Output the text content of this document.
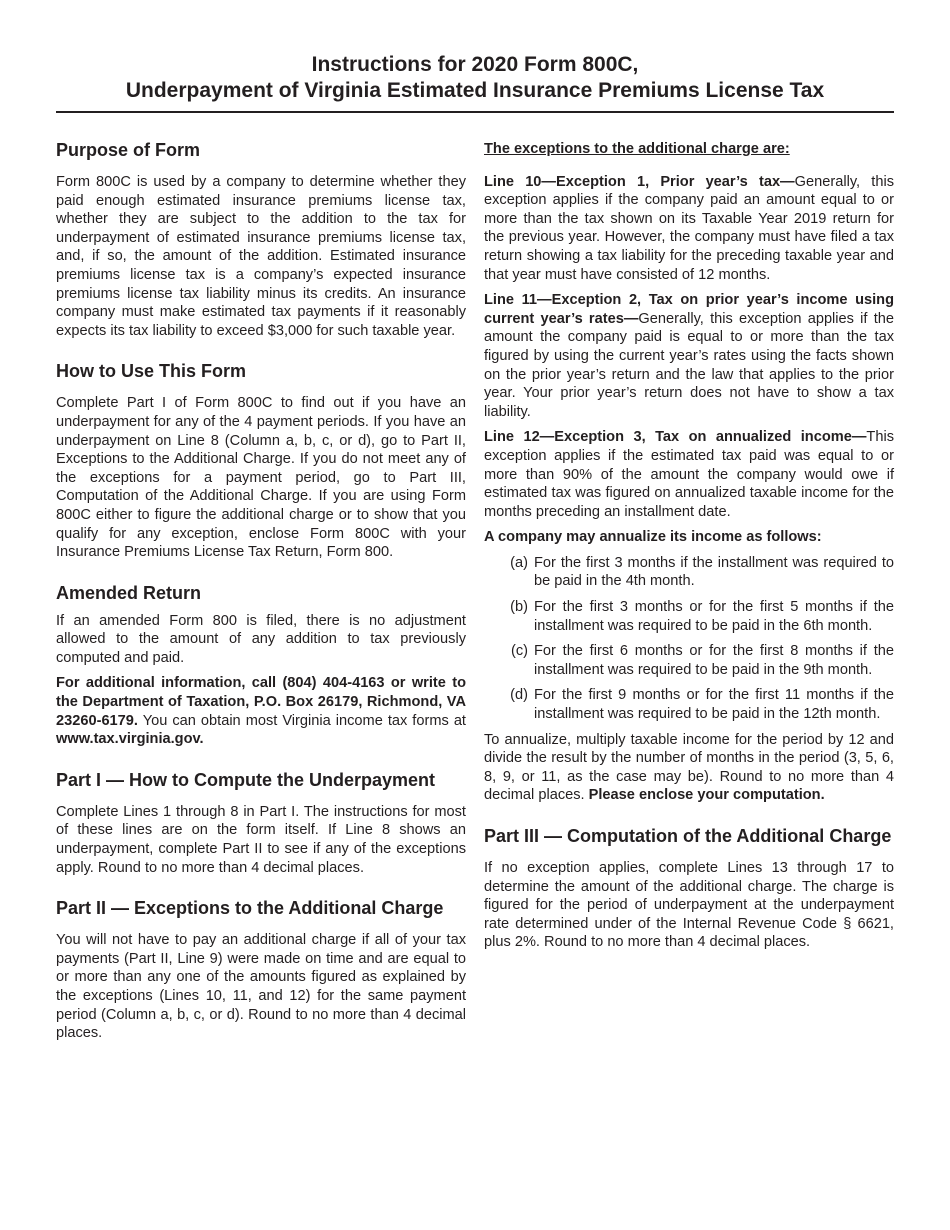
Instructions for 2020 Form 800C,
Underpayment of Virginia Estimated Insurance Premiums License Tax
Purpose of Form

Form 800C is used by a company to determine whether they paid enough estimated insurance premiums license tax, whether they are subject to the addition to the tax for underpayment of estimated insurance premiums license tax, and, if so, the amount of the addition. Estimated insurance premiums license tax is a company’s expected insurance premiums license tax liability minus its credits. An insurance company must make estimated tax payments if it reasonably expects its tax liability to exceed $3,000 for such taxable year.

How to Use This Form

Complete Part I of Form 800C to find out if you have an underpayment for any of the 4 payment periods. If you have an underpayment on Line 8 (Column a, b, c, or d), go to Part II, Exceptions to the Additional Charge. If you do not meet any of the exceptions for a payment period, go to Part III, Computation of the Additional Charge. If you are using Form 800C either to figure the additional charge or to show that you qualify for any exception, enclose Form 800C with your Insurance Premiums License Tax Return, Form 800.

Amended Return

If an amended Form 800 is filed, there is no adjustment allowed to the amount of any addition to tax previously computed and paid.

For additional information, call (804) 404-4163 or write to the Department of Taxation, P.O. Box 26179, Richmond, VA 23260-6179. You can obtain most Virginia income tax forms at www.tax.virginia.gov.

Part I — How to Compute the Underpayment

Complete Lines 1 through 8 in Part I. The instructions for most of these lines are on the form itself. If Line 8 shows an underpayment, complete Part II to see if any of the exceptions apply. Round to no more than 4 decimal places.

Part II — Exceptions to the Additional Charge

You will not have to pay an additional charge if all of your tax payments (Part II, Line 9) were made on time and are equal to or more than any one of the amounts figured as explained by the exceptions (Lines 10, 11, and 12) for the same payment period (Column a, b, c, or d). Round to no more than 4 decimal places.

The exceptions to the additional charge are:

Line 10—Exception 1, Prior year’s tax—Generally, this exception applies if the company paid an amount equal to or more than the tax shown on its Taxable Year 2019 return for the previous year. However, the company must have filed a tax return showing a tax liability for the preceding taxable year and that year must have consisted of 12 months.

Line 11—Exception 2, Tax on prior year’s income using current year’s rates—Generally, this exception applies if the amount the company paid is equal to or more than the tax figured by using the current year’s rates using the facts shown on the prior year’s return and the law that applies to the prior year. Your prior year’s return does not have to show a tax liability.

Line 12—Exception 3, Tax on annualized income—This exception applies if the estimated tax paid was equal to or more than 90% of the amount the company would owe if estimated tax was figured on annualized taxable income for the months preceding an installment date.

A company may annualize its income as follows:

(a) For the first 3 months if the installment was required to be paid in the 4th month.
(b) For the first 3 months or for the first 5 months if the installment was required to be paid in the 6th month.
(c) For the first 6 months or for the first 8 months if the installment was required to be paid in the 9th month.
(d) For the first 9 months or for the first 11 months if the installment was required to be paid in the 12th month.

To annualize, multiply taxable income for the period by 12 and divide the result by the number of months in the period (3, 5, 6, 8, 9, or 11, as the case may be). Round to no more than 4 decimal places. Please enclose your computation.

Part III — Computation of the Additional Charge

If no exception applies, complete Lines 13 through 17 to determine the amount of the additional charge. The charge is figured for the period of underpayment at the underpayment rate determined under of the Internal Revenue Code § 6621, plus 2%. Round to no more than 4 decimal places.
